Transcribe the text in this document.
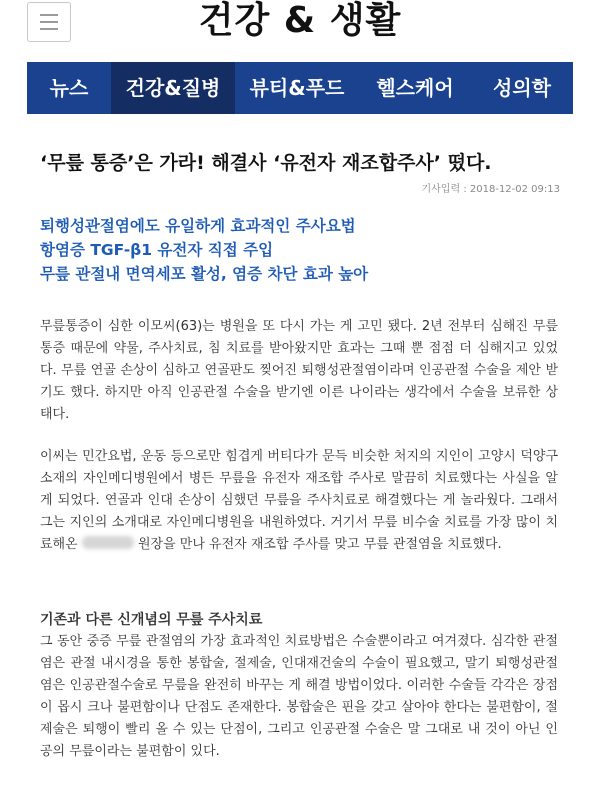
건강 & 생활
뉴스	건강&질병	뷰티&푸드	헬스케어	성의학
‘무릎 통증’은 가라! 해결사 ‘유전자 재조합주사’ 떴다.
기사입력 : 2018-12-02 09:13
퇴행성관절염에도 유일하게 효과적인 주사요법
항염증 TGF-β1 유전자 직접 주입
무릎 관절내 면역세포 활성, 염증 차단 효과 높아

무릎통증이 심한 이모씨(63)는 병원을 또 다시 가는 게 고민 됐다. 2년 전부터 심해진 무릎 통증 때문에 약물, 주사치료, 침 치료를 받아왔지만 효과는 그때 뿐 점점 더 심해지고 있었다. 무릎 연골 손상이 심하고 연골판도 찢어진 퇴행성관절염이라며 인공관절 수술을 제안 받기도 했다. 하지만 아직 인공관절 수술을 받기엔 이른 나이라는 생각에서 수술을 보류한 상태다.

이씨는 민간요법, 운동 등으로만 힘겹게 버티다가 문득 비슷한 처지의 지인이 고양시 덕양구 소재의 자인메디병원에서 병든 무릎을 유전자 재조합 주사로 말끔히 치료했다는 사실을 알게 되었다. 연골과 인대 손상이 심했던 무릎을 주사치료로 해결했다는 게 놀라웠다. 그래서 그는 지인의 소개대로 자인메디병원을 내원하였다. 거기서 무릎 비수술 치료를 가장 많이 치료해온	원장을 만나 유전자 재조합 주사를 맞고 무릎 관절염을 치료했다.

기존과 다른 신개념의 무릎 주사치료

그 동안 중증 무릎 관절염의 가장 효과적인 치료방법은 수술뿐이라고 여겨졌다. 심각한 관절염은 관절 내시경을 통한 봉합술, 절제술, 인대재건술의 수술이 필요했고, 말기 퇴행성관절염은 인공관절수술로 무릎을 완전히 바꾸는 게 해결 방법이었다. 이러한 수술들 각각은 장점이 몹시 크나 불편함이나 단점도 존재한다. 봉합술은 핀을 갖고 살아야 한다는 불편함이, 절제술은 퇴행이 빨리 올 수 있는 단점이, 그리고 인공관절 수술은 말 그대로 내 것이 아닌 인공의 무릎이라는 불편함이 있다.
